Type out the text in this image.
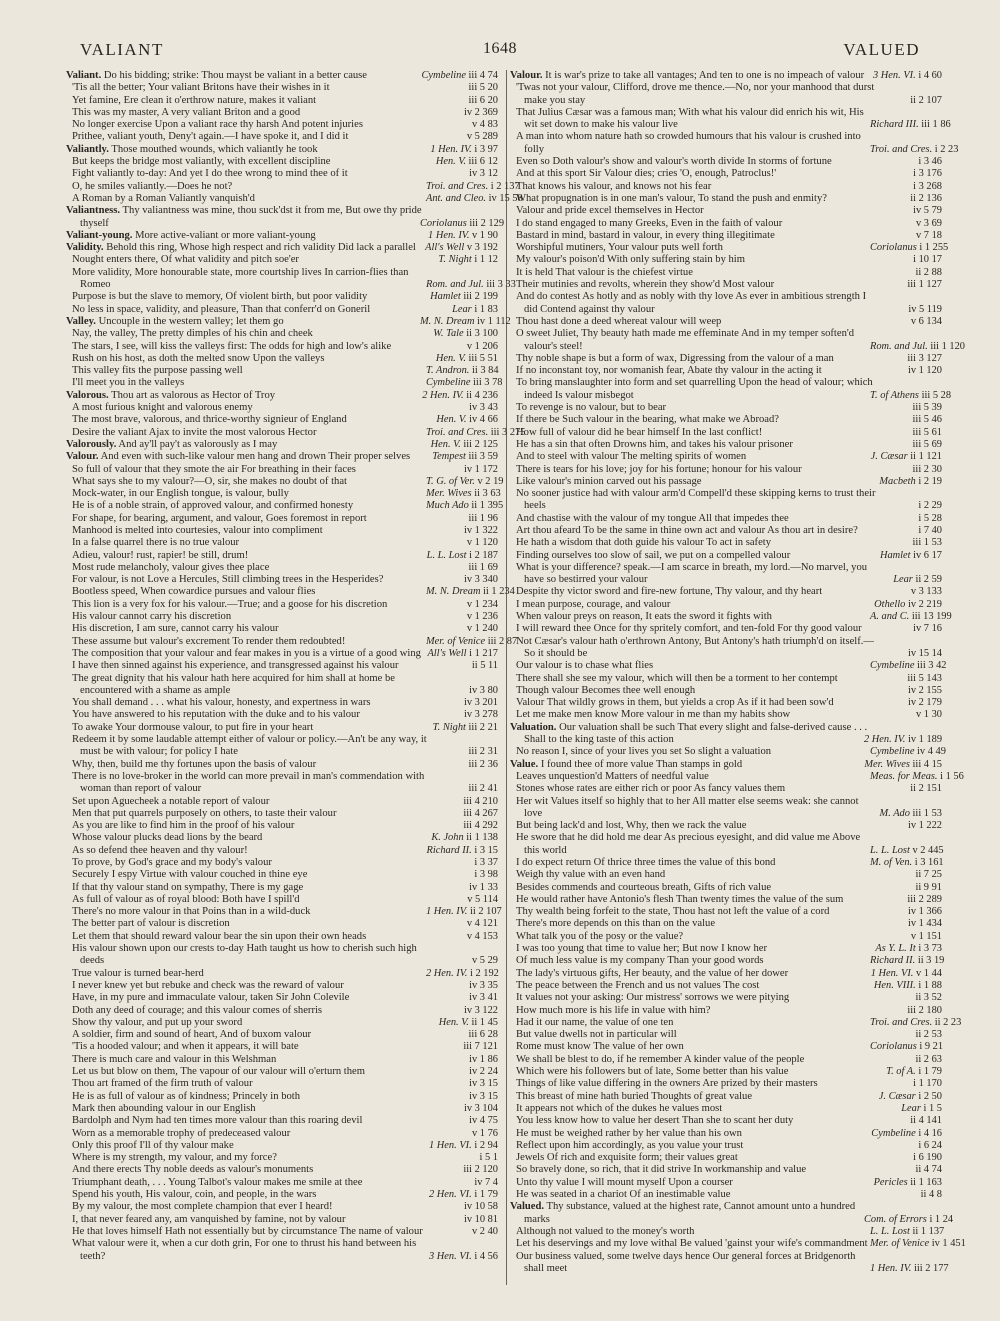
VALIANT	1648	VALUED
Valiant. Do his bidding; strike: Thou mayst be valiant in a better cause	Cymbeline iii 4 74
'Tis all the better; Your valiant Britons have their wishes in it	iii 5 20
Yet famine, Ere clean it o'erthrow nature, makes it valiant	iii 6 20
This was my master, A very valiant Briton and a good	iv 2 369
No longer exercise Upon a valiant race thy harsh And potent injuries	v 4 83
Prithee, valiant youth, Deny't again.—I have spoke it, and I did it	v 5 289
Valiantly. Those mouthed wounds, which valiantly he took	1 Hen. IV. i 3 97
But keeps the bridge most valiantly, with excellent discipline	Hen. V. iii 6 12
Fight valiantly to-day: And yet I do thee wrong to mind thee of it	iv 3 12
O, he smiles valiantly.—Does he not?	Troi. and Cres. i 2 137
A Roman by a Roman Valiantly vanquish'd	Ant. and Cleo. iv 15 58
Valiantness. Thy valiantness was mine, thou suck'dst it from me, But owe thy pride thyself	Coriolanus iii 2 129
Valiant-young. More active-valiant or more valiant-young	1 Hen. IV. v 1 90
Validity. Behold this ring, Whose high respect and rich validity Did lack a parallel All's Well v 3 192
Nought enters there, Of what validity and pitch soe'er	T. Night i 1 12
More validity, More honourable state, more courtship lives In carrion-flies than Romeo	Rom. and Jul. iii 3 33
Purpose is but the slave to memory, Of violent birth, but poor validity	Hamlet iii 2 199
No less in space, validity, and pleasure, Than that conferr'd on Goneril	Lear i 1 83
Valley. Uncouple in the western valley; let them go	M. N. Dream iv 1 112
Nay, the valley, The pretty dimples of his chin and cheek	W. Tale ii 3 100
The stars, I see, will kiss the valleys first: The odds for high and low's alike	v 1 206
Rush on his host, as doth the melted snow Upon the valleys	Hen. V. iii 5 51
This valley fits the purpose passing well	T. Andron. ii 3 84
I'll meet you in the valleys	Cymbeline iii 3 78
Valorous. Thou art as valorous as Hector of Troy	2 Hen. IV. ii 4 236
A most furious knight and valorous enemy	iv 3 43
The most brave, valorous, and thrice-worthy signieur of England	Hen. V. iv 4 66
Desire the valiant Ajax to invite the most valorous Hector	Troi. and Cres. iii 3 275
Valorously. And ay'll pay't as valorously as I may	Hen. V. iii 2 125
Valour. And even with such-like valour men hang and drown Their proper selves Tempest iii 3 59
So full of valour that they smote the air For breathing in their faces	iv 1 172
What says she to my valour?—O, sir, she makes no doubt of that	T. G. of Ver. v 2 19
Mock-water, in our English tongue, is valour, bully	Mer. Wives ii 3 63
He is of a noble strain, of approved valour, and confirmed honesty	Much Ado ii 1 395
For shape, for bearing, argument, and valour, Goes foremost in report	iii 1 96
Manhood is melted into courtesies, valour into compliment	iv 1 322
In a false quarrel there is no true valour	v 1 120
Adieu, valour! rust, rapier! be still, drum!	L. L. Lost i 2 187
Most rude melancholy, valour gives thee place	iii 1 69
For valour, is not Love a Hercules, Still climbing trees in the Hesperides?	iv 3 340
Bootless speed, When cowardice pursues and valour flies	M. N. Dream ii 1 234
This lion is a very fox for his valour.—True; and a goose for his discretion	v 1 234
His valour cannot carry his discretion	v 1 236
His discretion, I am sure, cannot carry his valour	v 1 240
These assume but valour's excrement To render them redoubted!	Mer. of Venice iii 2 87
The composition that your valour and fear makes in you is a virtue of a good wing All's Well i 1 217
I have then sinned against his experience, and transgressed against his valour	ii 5 11
The great dignity that his valour hath here acquired for him shall at home be encountered with a shame as ample	iv 3 80
You shall demand . . . what his valour, honesty, and expertness in wars	iv 3 201
You have answered to his reputation with the duke and to his valour	iv 3 278
To awake Your dormouse valour, to put fire in your heart	T. Night iii 2 21
Redeem it by some laudable attempt either of valour or policy.—An't be any way, it must be with valour; for policy I hate	iii 2 31
Why, then, build me thy fortunes upon the basis of valour	iii 2 36
There is no love-broker in the world can more prevail in man's commendation with woman than report of valour	iii 2 41
Set upon Aguecheek a notable report of valour	iii 4 210
Men that put quarrels purposely on others, to taste their valour	iii 4 267
As you are like to find him in the proof of his valour	iii 4 292
Whose valour plucks dead lions by the beard	K. John ii 1 138
As so defend thee heaven and thy valour!	Richard II. i 3 15
To prove, by God's grace and my body's valour	i 3 37
Securely I espy Virtue with valour couched in thine eye	i 3 98
If that thy valour stand on sympathy, There is my gage	iv 1 33
As full of valour as of royal blood: Both have I spill'd	v 5 114
There's no more valour in that Poins than in a wild-duck	1 Hen. IV. ii 2 107
The better part of valour is discretion	v 4 121
Let them that should reward valour bear the sin upon their own heads	v 4 153
His valour shown upon our crests to-day Hath taught us how to cherish such high deeds	v 5 29
True valour is turned bear-herd	2 Hen. IV. i 2 192
I never knew yet but rebuke and check was the reward of valour	iv 3 35
Have, in my pure and immaculate valour, taken Sir John Colevile	iv 3 41
Doth any deed of courage; and this valour comes of sherris	iv 3 122
Show thy valour, and put up your sword	Hen. V. ii 1 45
A soldier, firm and sound of heart, And of buxom valour	iii 6 28
'Tis a hooded valour; and when it appears, it will bate	iii 7 121
There is much care and valour in this Welshman	iv 1 86
Let us but blow on them, The vapour of our valour will o'erturn them	iv 2 24
Thou art framed of the firm truth of valour	iv 3 15
He is as full of valour as of kindness; Princely in both	iv 3 15
Mark then abounding valour in our English	iv 3 104
Bardolph and Nym had ten times more valour than this roaring devil	iv 4 75
Worn as a memorable trophy of predeceased valour	v 1 76
Only this proof I'll of thy valour make	1 Hen. VI. i 2 94
Where is my strength, my valour, and my force?	i 5 1
And there erects Thy noble deeds as valour's monuments	iii 2 120
Triumphant death, . . . Young Talbot's valour makes me smile at thee	iv 7 4
Spend his youth, His valour, coin, and people, in the wars	2 Hen. VI. i 1 79
By my valour, the most complete champion that ever I heard!	iv 10 58
I, that never feared any, am vanquished by famine, not by valour	iv 10 81
He that loves himself Hath not essentially but by circumstance The name of valour	v 2 40
What valour were it, when a cur doth grin, For one to thrust his hand between his teeth?	3 Hen. VI. i 4 56
Valour. It is war's prize to take all vantages; And ten to one is no impeach of valour 3 Hen. VI. i 4 60
'Twas not your valour, Clifford, drove me thence.—No, nor your manhood that durst make you stay	ii 2 107
That Julius Cæsar was a famous man; With what his valour did enrich his wit, His wit set down to make his valour live	Richard III. iii 1 86
A man into whom nature hath so crowded humours that his valour is crushed into folly	Troi. and Cres. i 2 23
Even so Doth valour's show and valour's worth divide In storms of fortune	i 3 46
And at this sport Sir Valour dies; cries 'O, enough, Patroclus!'	i 3 176
That knows his valour, and knows not his fear	i 3 268
What propugnation is in one man's valour, To stand the push and enmity?	ii 2 136
Valour and pride excel themselves in Hector	iv 5 79
I do stand engaged to many Greeks, Even in the faith of valour	v 3 69
Bastard in mind, bastard in valour, in every thing illegitimate	v 7 18
Worshipful mutiners, Your valour puts well forth	Coriolanus i 1 255
My valour's poison'd With only suffering stain by him	i 10 17
It is held That valour is the chiefest virtue	ii 2 88
Their mutinies and revolts, wherein they show'd Most valour	iii 1 127
And do contest As hotly and as nobly with thy love As ever in ambitious strength I did Contend against thy valour	iv 5 119
Thou hast done a deed whereat valour will weep	v 6 134
O sweet Juliet, Thy beauty hath made me effeminate And in my temper soften'd valour's steel!	Rom. and Jul. iii 1 120
Thy noble shape is but a form of wax, Digressing from the valour of a man	iii 3 127
If no inconstant toy, nor womanish fear, Abate thy valour in the acting it	iv 1 120
To bring manslaughter into form and set quarrelling Upon the head of valour; which indeed Is valour misbegot	T. of Athens iii 5 28
To revenge is no valour, but to bear	iii 5 39
If there be Such valour in the bearing, what make we Abroad?	iii 5 46
How full of valour did he bear himself In the last conflict!	iii 5 61
He has a sin that often Drowns him, and takes his valour prisoner	iii 5 69
And to steel with valour The melting spirits of women	J. Cæsar ii 1 121
There is tears for his love; joy for his fortune; honour for his valour	iii 2 30
Like valour's minion carved out his passage	Macbeth i 2 19
No sooner justice had with valour arm'd Compell'd these skipping kerns to trust their heels	i 2 29
And chastise with the valour of my tongue All that impedes thee	i 5 28
Art thou afeard To be the same in thine own act and valour As thou art in desire?	i 7 40
He hath a wisdom that doth guide his valour To act in safety	iii 1 53
Finding ourselves too slow of sail, we put on a compelled valour	Hamlet iv 6 17
What is your difference? speak.—I am scarce in breath, my lord.—No marvel, you have so bestirred your valour	Lear ii 2 59
Despite thy victor sword and fire-new fortune, Thy valour, and thy heart	v 3 133
I mean purpose, courage, and valour	Othello iv 2 219
When valour preys on reason, It eats the sword it fights with	A. and C. iii 13 199
I will reward thee Once for thy spritely comfort, and ten-fold For thy good valour	iv 7 16
Not Cæsar's valour hath o'erthrown Antony, But Antony's hath triumph'd on itself.—So it should be	iv 15 14
Our valour is to chase what flies	Cymbeline iii 3 42
There shall she see my valour, which will then be a torment to her contempt	iii 5 143
Though valour Becomes thee well enough	iv 2 155
Valour That wildly grows in them, but yields a crop As if it had been sow'd	iv 2 179
Let me make men know More valour in me than my habits show	v 1 30
Valuation. Our valuation shall be such That every slight and false-derived cause . . . Shall to the king taste of this action	2 Hen. IV. iv 1 189
No reason I, since of your lives you set So slight a valuation	Cymbeline iv 4 49
Value. I found thee of more value Than stamps in gold	Mer. Wives iii 4 15
Leaves unquestion'd Matters of needful value	Meas. for Meas. i 1 56
Stones whose rates are either rich or poor As fancy values them	ii 2 151
Her wit Values itself so highly that to her All matter else seems weak: she cannot love	M. Ado iii 1 53
But being lack'd and lost, Why, then we rack the value	iv 1 222
He swore that he did hold me dear As precious eyesight, and did value me Above this world	L. L. Lost v 2 445
I do expect return Of thrice three times the value of this bond	M. of Ven. i 3 161
Weigh thy value with an even hand	ii 7 25
Besides commends and courteous breath, Gifts of rich value	ii 9 91
He would rather have Antonio's flesh Than twenty times the value of the sum	iii 2 289
Thy wealth being forfeit to the state, Thou hast not left the value of a cord	iv 1 366
There's more depends on this than on the value	iv 1 434
What talk you of the posy or the value?	v 1 151
I was too young that time to value her; But now I know her	As Y. L. It i 3 73
Of much less value is my company Than your good words	Richard II. ii 3 19
The lady's virtuous gifts, Her beauty, and the value of her dower	1 Hen. VI. v 1 44
The peace between the French and us not values The cost	Hen. VIII. i 1 88
It values not your asking: Our mistress' sorrows we were pitying	ii 3 52
How much more is his life in value with him?	iii 2 180
Had it our name, the value of one ten	Troi. and Cres. ii 2 23
But value dwells not in particular will	ii 2 53
Rome must know The value of her own	Coriolanus i 9 21
We shall be blest to do, if he remember A kinder value of the people	ii 2 63
Which were his followers but of late, Some better than his value	T. of A. i 1 79
Things of like value differing in the owners Are prized by their masters	i 1 170
This breast of mine hath buried Thoughts of great value	J. Cæsar i 2 50
It appears not which of the dukes he values most	Lear i 1 5
You less know how to value her desert Than she to scant her duty	ii 4 141
He must be weighed rather by her value than his own	Cymbeline i 4 16
Reflect upon him accordingly, as you value your trust	i 6 24
Jewels Of rich and exquisite form; their values great	i 6 190
So bravely done, so rich, that it did strive In workmanship and value	ii 4 74
Unto thy value I will mount myself Upon a courser	Pericles ii 1 163
He was seated in a chariot Of an inestimable value	ii 4 8
Valued. Thy substance, valued at the highest rate, Cannot amount unto a hundred marks	Com. of Errors i 1 24
Although not valued to the money's worth	L. L. Lost ii 1 137
Let his deservings and my love withal Be valued 'gainst your wife's commandment Mer. of Venice iv 1 451
Our business valued, some twelve days hence Our general forces at Bridgenorth shall meet	1 Hen. IV. iii 2 177
